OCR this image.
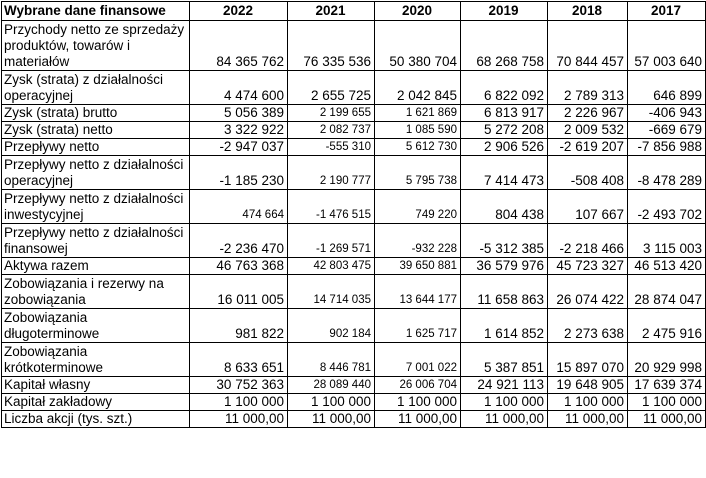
Wybrane dane finansowe	2022	2021	2020	2019	2018	2017
Przychody netto ze sprzedaży produktów, towarów i materiałów	84 365 762	76 335 536	50 380 704	68 268 758	70 844 457	57 003 640
Zysk (strata) z działalności operacyjnej	4 474 600	2 655 725	2 042 845	6 822 092	2 789 313	646 899
Zysk (strata) brutto	5 056 389	2 199 655	1 621 869	6 813 917	2 226 967	-406 943
Zysk (strata) netto	3 322 922	2 082 737	1 085 590	5 272 208	2 009 532	-669 679
Przepływy netto	-2 947 037	-555 310	5 612 730	2 906 526	-2 619 207	-7 856 988
Przepływy netto z działalności operacyjnej	-1 185 230	2 190 777	5 795 738	7 414 473	-508 408	-8 478 289
Przepływy netto z działalności inwestycyjnej	474 664	-1 476 515	749 220	804 438	107 667	-2 493 702
Przepływy netto z działalności finansowej	-2 236 470	-1 269 571	-932 228	-5 312 385	-2 218 466	3 115 003
Aktywa razem	46 763 368	42 803 475	39 650 881	36 579 976	45 723 327	46 513 420
Zobowiązania i rezerwy na zobowiązania	16 011 005	14 714 035	13 644 177	11 658 863	26 074 422	28 874 047
Zobowiązania długoterminowe	981 822	902 184	1 625 717	1 614 852	2 273 638	2 475 916
Zobowiązania krótkoterminowe	8 633 651	8 446 781	7 001 022	5 387 851	15 897 070	20 929 998
Kapitał własny	30 752 363	28 089 440	26 006 704	24 921 113	19 648 905	17 639 374
Kapitał zakładowy	1 100 000	1 100 000	1 100 000	1 100 000	1 100 000	1 100 000
Liczba akcji (tys. szt.)	11 000,00	11 000,00	11 000,00	11 000,00	11 000,00	11 000,00
